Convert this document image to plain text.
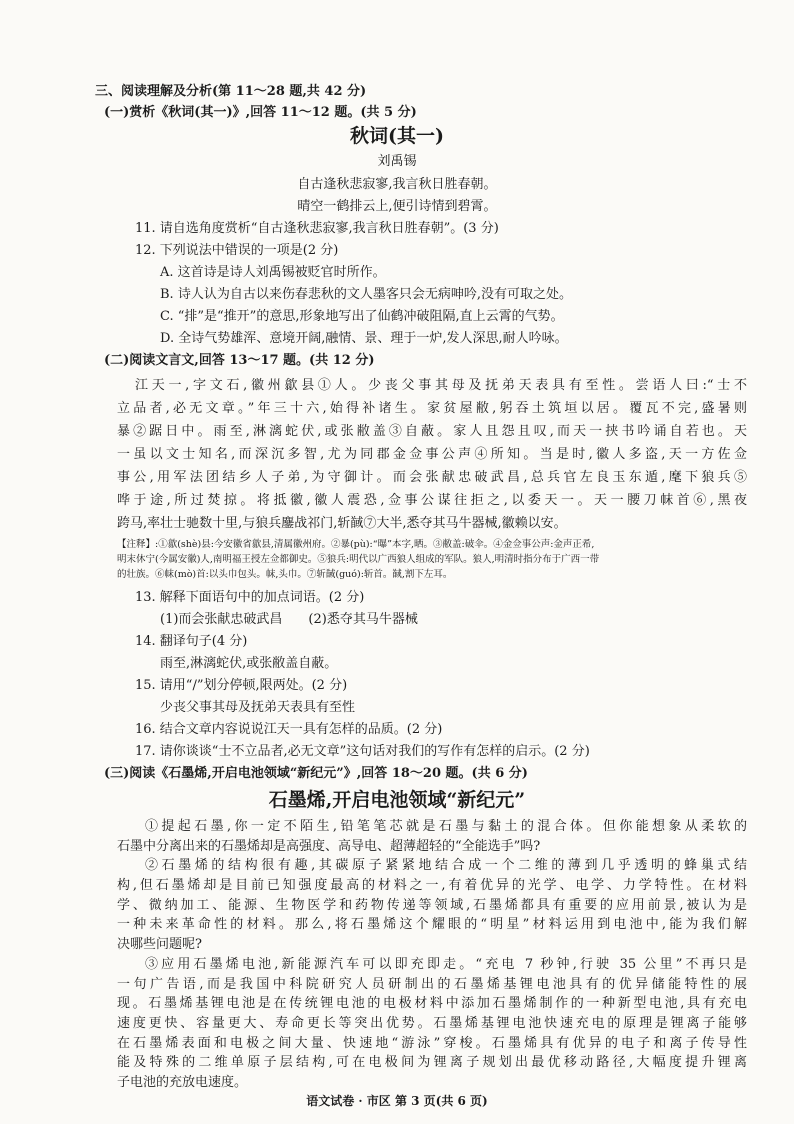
三、阅读理解及分析(第 11～28 题,共 42 分)
(一)赏析《秋词(其一)》,回答 11～12 题。(共 5 分)
秋词(其一)
刘禹锡
自古逢秋悲寂寥,我言秋日胜春朝。
晴空一鹤排云上,便引诗情到碧霄。
11. 请自选角度赏析“自古逢秋悲寂寥,我言秋日胜春朝”。(3 分)
12. 下列说法中错误的一项是(2 分)
A. 这首诗是诗人刘禹锡被贬官时所作。
B. 诗人认为自古以来伤春悲秋的文人墨客只会无病呻吟,没有可取之处。
C. “排”是“推开”的意思,形象地写出了仙鹤冲破阻隔,直上云霄的气势。
D. 全诗气势雄浑、意境开阔,融情、景、理于一炉,发人深思,耐人吟咏。
(二)阅读文言文,回答 13～17 题。(共 12 分)
江天一,字文石,徽州歙县①人。少丧父事其母及抚弟天表具有至性。尝语人曰:“士不
立品者,必无文章。”年三十六,始得补诸生。家贫屋敝,躬吞土筑垣以居。覆瓦不完,盛暑则
暴②踞日中。雨至,淋漓蛇伏,或张敝盖③自蔽。家人且怨且叹,而天一挟书吟诵自若也。天
一虽以文士知名,而深沉多智,尤为同郡金佥事公声④所知。当是时,徽人多盗,天一方佐佥
事公,用军法团结乡人子弟,为守御计。而会张献忠破武昌,总兵官左良玉东遁,麾下狼兵⑤
哗于途,所过焚掠。将抵徽,徽人震恐,佥事公谋往拒之,以委天一。天一腰刀帓首⑥,黑夜
跨马,率壮士驰数十里,与狼兵鏖战祁门,斩馘⑦大半,悉夺其马牛器械,徽赖以安。
【注释】:①歙(shè)县:今安徽省歙县,清属徽州府。②暴(pù):“曝”本字,晒。③敝盖:破伞。④金佥事公声:金声正希,
明末休宁(今属安徽)人,南明福王授左佥都御史。⑤狼兵:明代以广西狼人组成的军队。狼人,明清时指分布于广西一带
的壮族。⑥帓(mò)首:以头巾包头。帓,头巾。⑦斩馘(guó):斩首。馘,割下左耳。
13. 解释下面语句中的加点词语。(2 分)
(1)而会张献忠破武昌　　(2)悉夺其马牛器械
14. 翻译句子(4 分)
雨至,淋漓蛇伏,或张敝盖自蔽。
15. 请用“/”划分停顿,限两处。(2 分)
少丧父事其母及抚弟天表具有至性
16. 结合文章内容说说江天一具有怎样的品质。(2 分)
17. 请你谈谈“士不立品者,必无文章”这句话对我们的写作有怎样的启示。(2 分)
(三)阅读《石墨烯,开启电池领域“新纪元”》,回答 18～20 题。(共 6 分)
石墨烯,开启电池领域“新纪元”
①提起石墨,你一定不陌生,铅笔笔芯就是石墨与黏土的混合体。但你能想象从柔软的
石墨中分离出来的石墨烯却是高强度、高导电、超薄超轻的“全能选手”吗?
②石墨烯的结构很有趣,其碳原子紧紧地结合成一个二维的薄到几乎透明的蜂巢式结
构,但石墨烯却是目前已知强度最高的材料之一,有着优异的光学、电学、力学特性。在材料
学、微纳加工、能源、生物医学和药物传递等领域,石墨烯都具有重要的应用前景,被认为是
一种未来革命性的材料。那么,将石墨烯这个耀眼的“明星”材料运用到电池中,能为我们解
决哪些问题呢?
③应用石墨烯电池,新能源汽车可以即充即走。“充电 7 秒钟,行驶 35 公里”不再只是
一句广告语,而是我国中科院研究人员研制出的石墨烯基锂电池具有的优异储能特性的展
现。石墨烯基锂电池是在传统锂电池的电极材料中添加石墨烯制作的一种新型电池,具有充电
速度更快、容量更大、寿命更长等突出优势。石墨烯基锂电池快速充电的原理是锂离子能够
语文试卷 · 市区 第 3 页(共 6 页)
在石墨烯表面和电极之间大量、快速地“游泳”穿梭。石墨烯具有优异的电子和离子传导性
能及特殊的二维单原子层结构,可在电极间为锂离子规划出最优移动路径,大幅度提升锂离
子电池的充放电速度。
